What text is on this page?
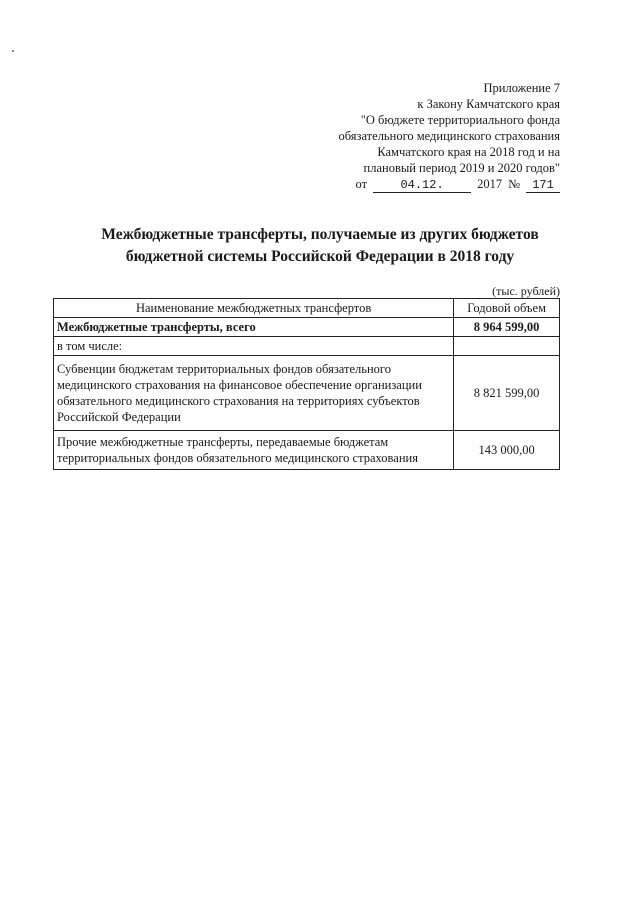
Приложение 7
к Закону Камчатского края
"О бюджете территориального фонда
обязательного медицинского страхования
Камчатского края на 2018 год и на
плановый период 2019 и 2020 годов"
от	04.12.	2017 №	171
Межбюджетные трансферты, получаемые из других бюджетов
бюджетной системы Российской Федерации в 2018 году
(тыс. рублей)
Наименование межбюджетных трансфертов	Годовой объем
Межбюджетные трансферты, всего	8 964 599,00
в том числе:	
Субвенции бюджетам территориальных фондов обязательного медицинского страхования на финансовое обеспечение организации обязательного медицинского страхования на территориях субъектов Российской Федерации	8 821 599,00
Прочие межбюджетные трансферты, передаваемые бюджетам территориальных фондов обязательного медицинского страхования	143 000,00
